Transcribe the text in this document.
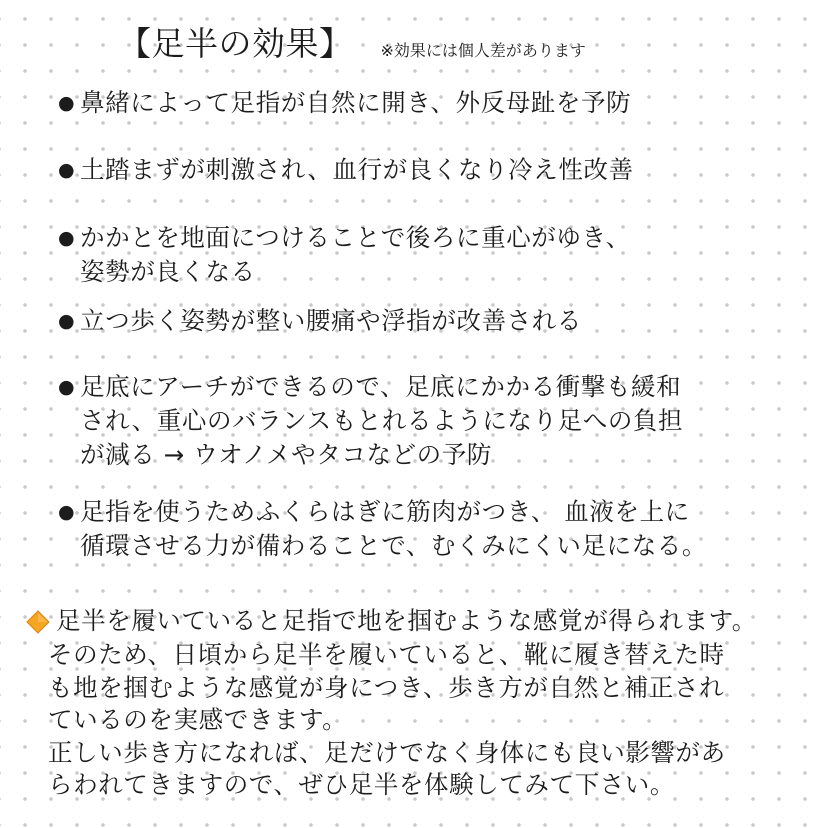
【足半の効果】 ※効果には個人差があります
● 鼻緒によって足指が自然に開き、外反母趾を予防
● 土踏まずが刺激され、血行が良くなり冷え性改善
● かかとを地面につけることで後ろに重心がゆき、
姿勢が良くなる
● 立つ歩く姿勢が整い腰痛や浮指が改善される
● 足底にアーチができるので、足底にかかる衝撃も緩和
され、重心のバランスもとれるようになり足への負担
が減る → ウオノメやタコなどの予防
● 足指を使うためふくらはぎに筋肉がつき、 血液を上に
循環させる力が備わることで、むくみにくい足になる。
足半を履いていると足指で地を掴むような感覚が得られます。
そのため、日頃から足半を履いていると、靴に履き替えた時
も地を掴むような感覚が身につき、歩き方が自然と補正され
ているのを実感できます。
正しい歩き方になれば、足だけでなく身体にも良い影響があ
らわれてきますので、ぜひ足半を体験してみて下さい。
